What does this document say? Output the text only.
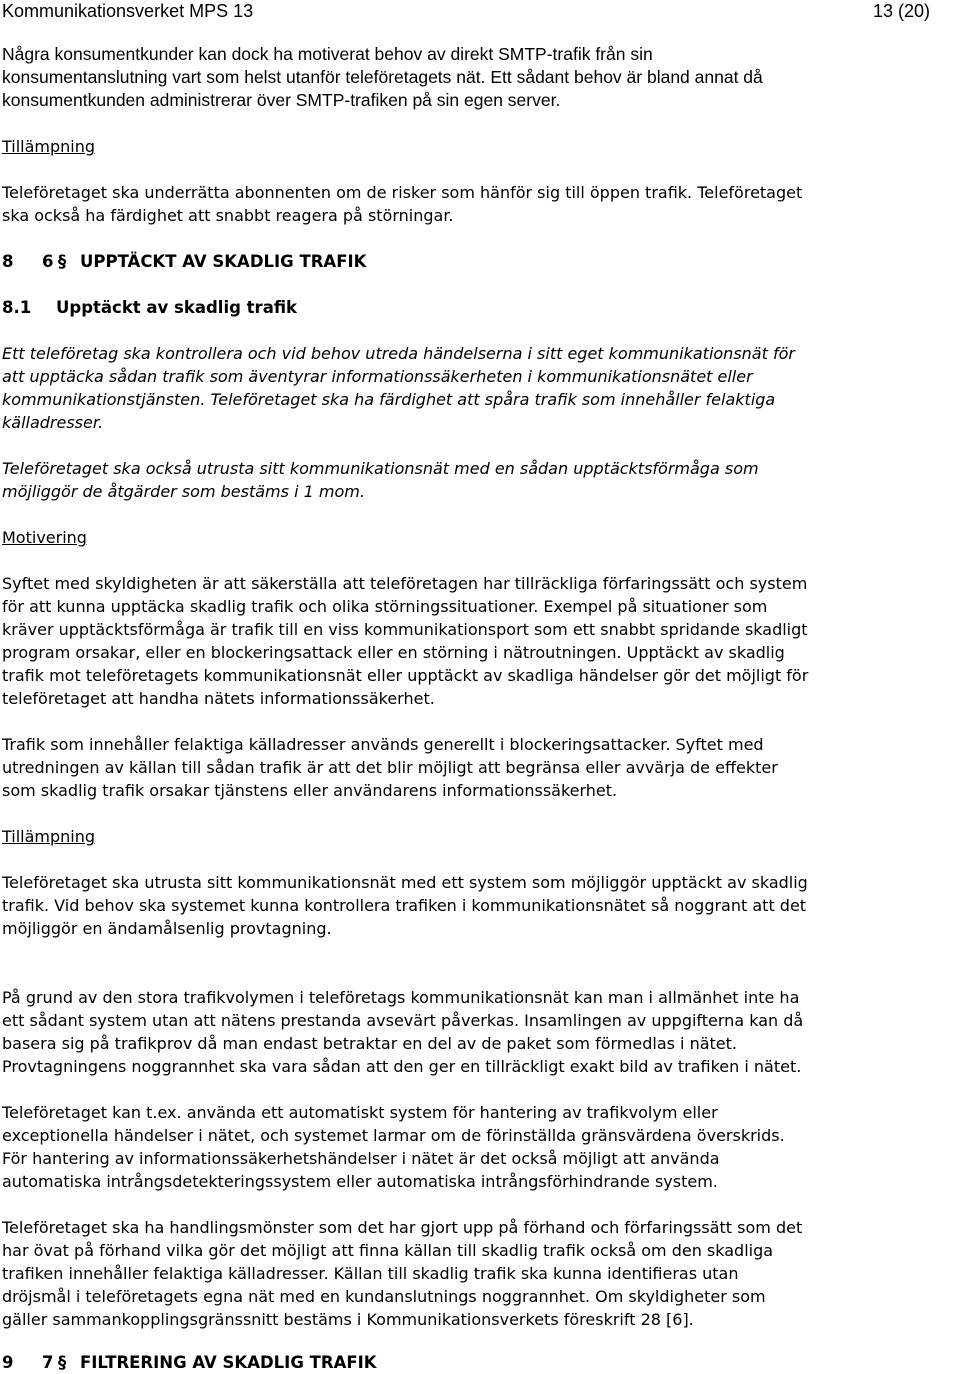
Kommunikationsverket MPS 13	13 (20)

Några konsumentkunder kan dock ha motiverat behov av direkt SMTP-trafik från sin

konsumentanslutning vart som helst utanför teleföretagets nät. Ett sådant behov är bland annat då

konsumentkunden administrerar över SMTP-trafiken på sin egen server.

Tillämpning

Teleföretaget ska underrätta abonnenten om de risker som hänför sig till öppen trafik. Teleföretaget

ska också ha färdighet att snabbt reagera på störningar.

8 6 § UPPTÄCKT AV SKADLIG TRAFIK

8.1 Upptäckt av skadlig trafik

Ett teleföretag ska kontrollera och vid behov utreda händelserna i sitt eget kommunikationsnät för

att upptäcka sådan trafik som äventyrar informationssäkerheten i kommunikationsnätet eller

kommunikationstjänsten. Teleföretaget ska ha färdighet att spåra trafik som innehåller felaktiga

källadresser.

Teleföretaget ska också utrusta sitt kommunikationsnät med en sådan upptäcktsförmåga som

möjliggör de åtgärder som bestäms i 1 mom.

Motivering

Syftet med skyldigheten är att säkerställa att teleföretagen har tillräckliga förfaringssätt och system

för att kunna upptäcka skadlig trafik och olika störningssituationer. Exempel på situationer som

kräver upptäcktsförmåga är trafik till en viss kommunikationsport som ett snabbt spridande skadligt

program orsakar, eller en blockeringsattack eller en störning i nätroutningen. Upptäckt av skadlig

trafik mot teleföretagets kommunikationsnät eller upptäckt av skadliga händelser gör det möjligt för

teleföretaget att handha nätets informationssäkerhet.

Trafik som innehåller felaktiga källadresser används generellt i blockeringsattacker. Syftet med

utredningen av källan till sådan trafik är att det blir möjligt att begränsa eller avvärja de effekter

som skadlig trafik orsakar tjänstens eller användarens informationssäkerhet.

Tillämpning

Teleföretaget ska utrusta sitt kommunikationsnät med ett system som möjliggör upptäckt av skadlig

trafik. Vid behov ska systemet kunna kontrollera trafiken i kommunikationsnätet så noggrant att det

möjliggör en ändamålsenlig provtagning.

På grund av den stora trafikvolymen i teleföretags kommunikationsnät kan man i allmänhet inte ha

ett sådant system utan att nätens prestanda avsevärt påverkas. Insamlingen av uppgifterna kan då

basera sig på trafikprov då man endast betraktar en del av de paket som förmedlas i nätet.

Provtagningens noggrannhet ska vara sådan att den ger en tillräckligt exakt bild av trafiken i nätet.

Teleföretaget kan t.ex. använda ett automatiskt system för hantering av trafikvolym eller

exceptionella händelser i nätet, och systemet larmar om de förinställda gränsvärdena överskrids.

För hantering av informationssäkerhetshändelser i nätet är det också möjligt att använda

automatiska intrångsdetekteringssystem eller automatiska intrångsförhindrande system.

Teleföretaget ska ha handlingsmönster som det har gjort upp på förhand och förfaringssätt som det

har övat på förhand vilka gör det möjligt att finna källan till skadlig trafik också om den skadliga

trafiken innehåller felaktiga källadresser. Källan till skadlig trafik ska kunna identifieras utan

dröjsmål i teleföretagets egna nät med en kundanslutnings noggrannhet. Om skyldigheter som

gäller sammankopplingsgränssnitt bestäms i Kommunikationsverkets föreskrift 28 [6].

9 7 § FILTRERING AV SKADLIG TRAFIK
